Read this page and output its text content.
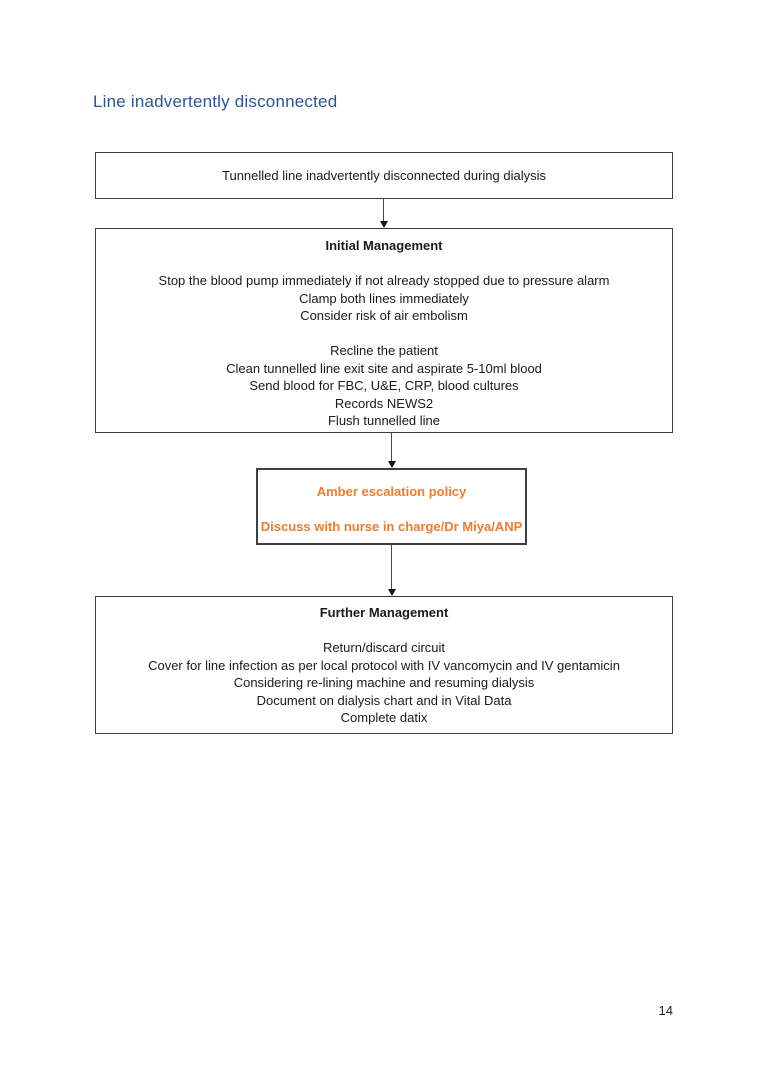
Line inadvertently disconnected
Tunnelled line inadvertently disconnected during dialysis
Initial Management
Stop the blood pump immediately if not already stopped due to pressure alarm
Clamp both lines immediately
Consider risk of air embolism
Recline the patient
Clean tunnelled line exit site and aspirate 5-10ml blood
Send blood for FBC, U&E, CRP, blood cultures
Records NEWS2
Flush tunnelled line
Amber escalation policy
Discuss with nurse in charge/Dr Miya/ANP
Further Management
Return/discard circuit
Cover for line infection as per local protocol with IV vancomycin and IV gentamicin
Considering re-lining machine and resuming dialysis
Document on dialysis chart and in Vital Data
Complete datix
14
